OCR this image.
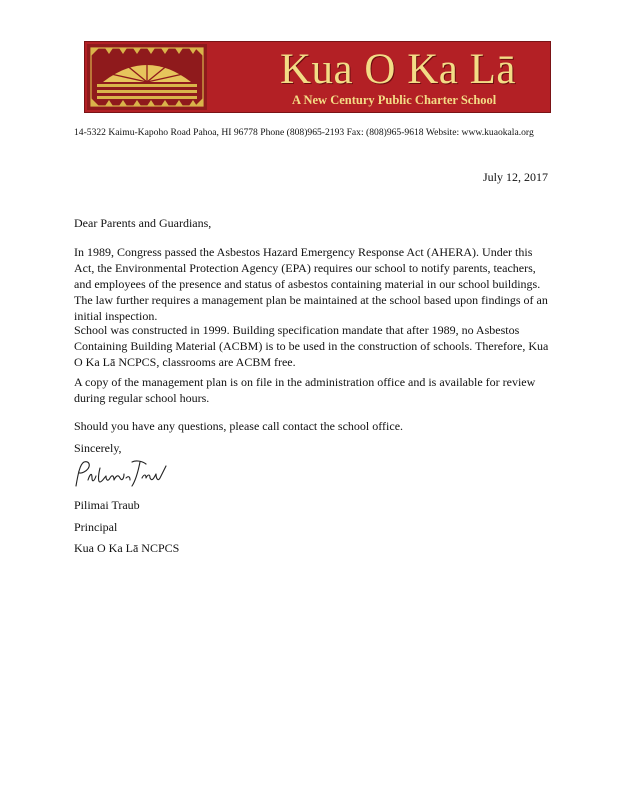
Kua O Ka Lā
A New Century Public Charter School
14-5322 Kaimu-Kapoho Road Pahoa, HI 96778 Phone (808)965-2193 Fax: (808)965-9618 Website: www.kuaokala.org
July 12, 2017

Dear Parents and Guardians,

In 1989, Congress passed the Asbestos Hazard Emergency Response Act (AHERA). Under this Act, the Environmental Protection Agency (EPA) requires our school to notify parents, teachers, and employees of the presence and status of asbestos containing material in our school buildings. The law further requires a management plan be maintained at the school based upon findings of an initial inspection.

School was constructed in 1999. Building specification mandate that after 1989, no Asbestos Containing Building Material (ACBM) is to be used in the construction of schools. Therefore, Kua O Ka Lā NCPCS, classrooms are ACBM free.

A copy of the management plan is on file in the administration office and is available for review during regular school hours.

Should you have any questions, please call contact the school office.

Sincerely,

Pilimai Traub

Principal

Kua O Ka Lā NCPCS
